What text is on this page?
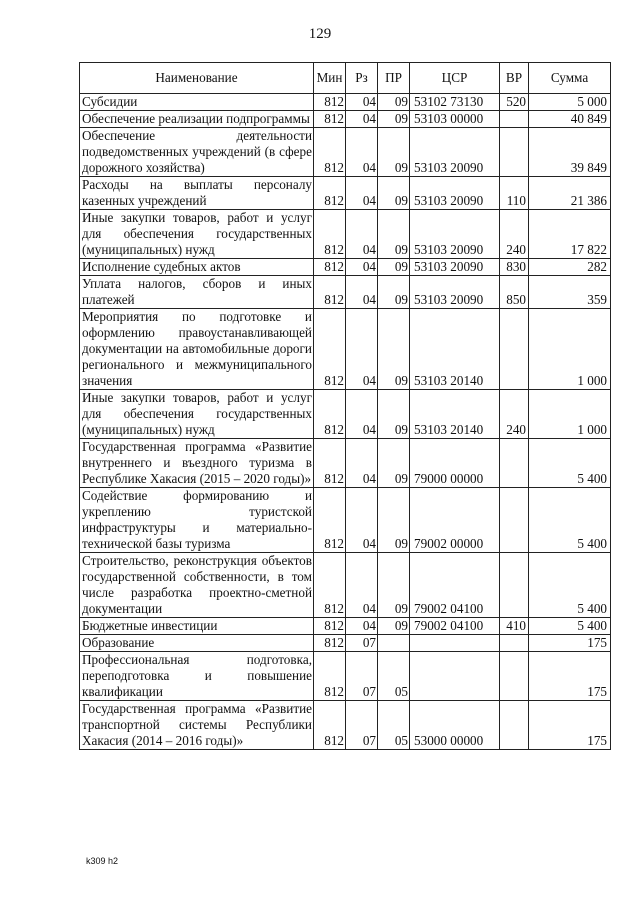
129
Наименование	Мин	Рз	ПР	ЦСР	ВР	Сумма
Субсидии	812	04	09	53102 73130	520	5 000
Обеспечение реализации подпрограммы	812	04	09	53103 00000		40 849
Обеспечение деятельности подведомственных учреждений (в сфере дорожного хозяйства)	812	04	09	53103 20090		39 849
Расходы на выплаты персоналу казенных учреждений	812	04	09	53103 20090	110	21 386
Иные закупки товаров, работ и услуг для обеспечения государственных (муниципальных) нужд	812	04	09	53103 20090	240	17 822
Исполнение судебных актов	812	04	09	53103 20090	830	282
Уплата налогов, сборов и иных платежей	812	04	09	53103 20090	850	359
Мероприятия по подготовке и оформлению правоустанавливающей документации на автомобильные дороги регионального и межмуниципального значения	812	04	09	53103 20140		1 000
Иные закупки товаров, работ и услуг для обеспечения государственных (муниципальных) нужд	812	04	09	53103 20140	240	1 000
Государственная программа «Развитие внутреннего и въездного туризма в Республике Хакасия (2015 – 2020 годы)»	812	04	09	79000 00000		5 400
Содействие формированию и укреплению туристской инфраструктуры и материально-технической базы туризма	812	04	09	79002 00000		5 400
Строительство, реконструкция объектов государственной собственности, в том числе разработка проектно-сметной документации	812	04	09	79002 04100		5 400
Бюджетные инвестиции	812	04	09	79002 04100	410	5 400
Образование	812	07				175
Профессиональная подготовка, переподготовка и повышение квалификации	812	07	05			175
Государственная программа «Развитие транспортной системы Республики Хакасия (2014 – 2016 годы)»	812	07	05	53000 00000		175
k309 h2
